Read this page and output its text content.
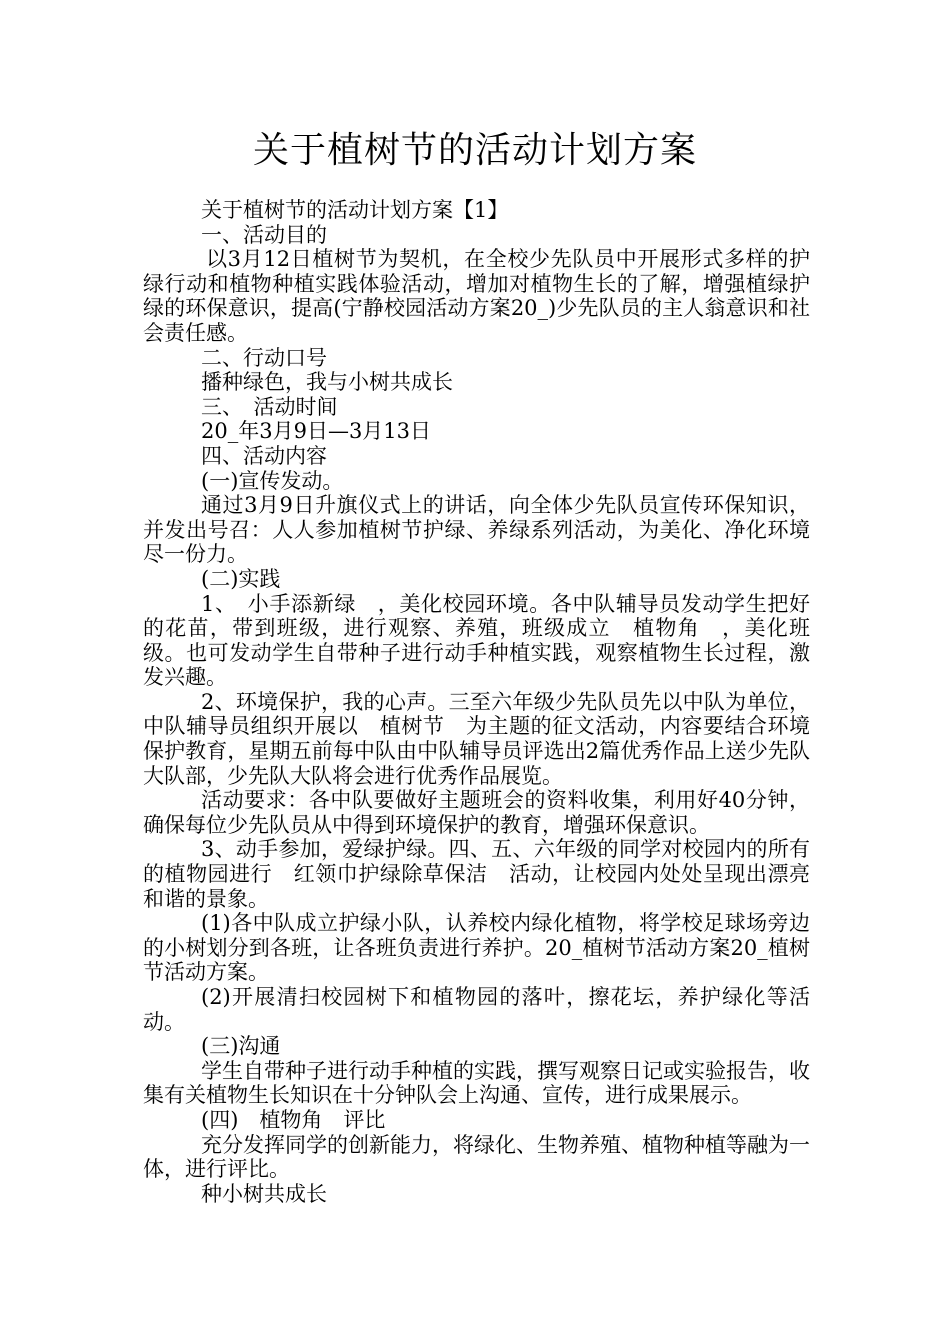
关于植树节的活动计划方案

关于植树节的活动计划方案【1】

一、活动目的

以3月12日植树节为契机，在全校少先队员中开展形式多样的护绿行动和植物种植实践体验活动，增加对植物生长的了解，增强植绿护绿的环保意识，提高(宁静校园活动方案20_)少先队员的主人翁意识和社会责任感。

二、行动口号

播种绿色，我与小树共成长

三、　活动时间

20_年3月9日—3月13日

四、活动内容

(一)宣传发动。

通过3月9日升旗仪式上的讲话，向全体少先队员宣传环保知识，并发出号召：人人参加植树节护绿、养绿系列活动，为美化、净化环境尽一份力。

(二)实践

1、　小手添新绿　，美化校园环境。各中队辅导员发动学生把好的花苗，带到班级，进行观察、养殖，班级成立　植物角　，美化班级。也可发动学生自带种子进行动手种植实践，观察植物生长过程，激发兴趣。

2、环境保护，我的心声。三至六年级少先队员先以中队为单位，中队辅导员组织开展以　植树节　为主题的征文活动，内容要结合环境保护教育，星期五前每中队由中队辅导员评选出2篇优秀作品上送少先队大队部，少先队大队将会进行优秀作品展览。

活动要求：各中队要做好主题班会的资料收集，利用好40分钟，确保每位少先队员从中得到环境保护的教育，增强环保意识。

3、动手参加，爱绿护绿。四、五、六年级的同学对校园内的所有的植物园进行　红领巾护绿除草保洁　活动，让校园内处处呈现出漂亮和谐的景象。

(1)各中队成立护绿小队，认养校内绿化植物，将学校足球场旁边的小树划分到各班，让各班负责进行养护。20_植树节活动方案20_植树节活动方案。

(2)开展清扫校园树下和植物园的落叶，擦花坛，养护绿化等活动。

(三)沟通

学生自带种子进行动手种植的实践，撰写观察日记或实验报告，收集有关植物生长知识在十分钟队会上沟通、宣传，进行成果展示。

(四)　植物角　评比

充分发挥同学的创新能力，将绿化、生物养殖、植物种植等融为一体，进行评比。

种小树共成长
